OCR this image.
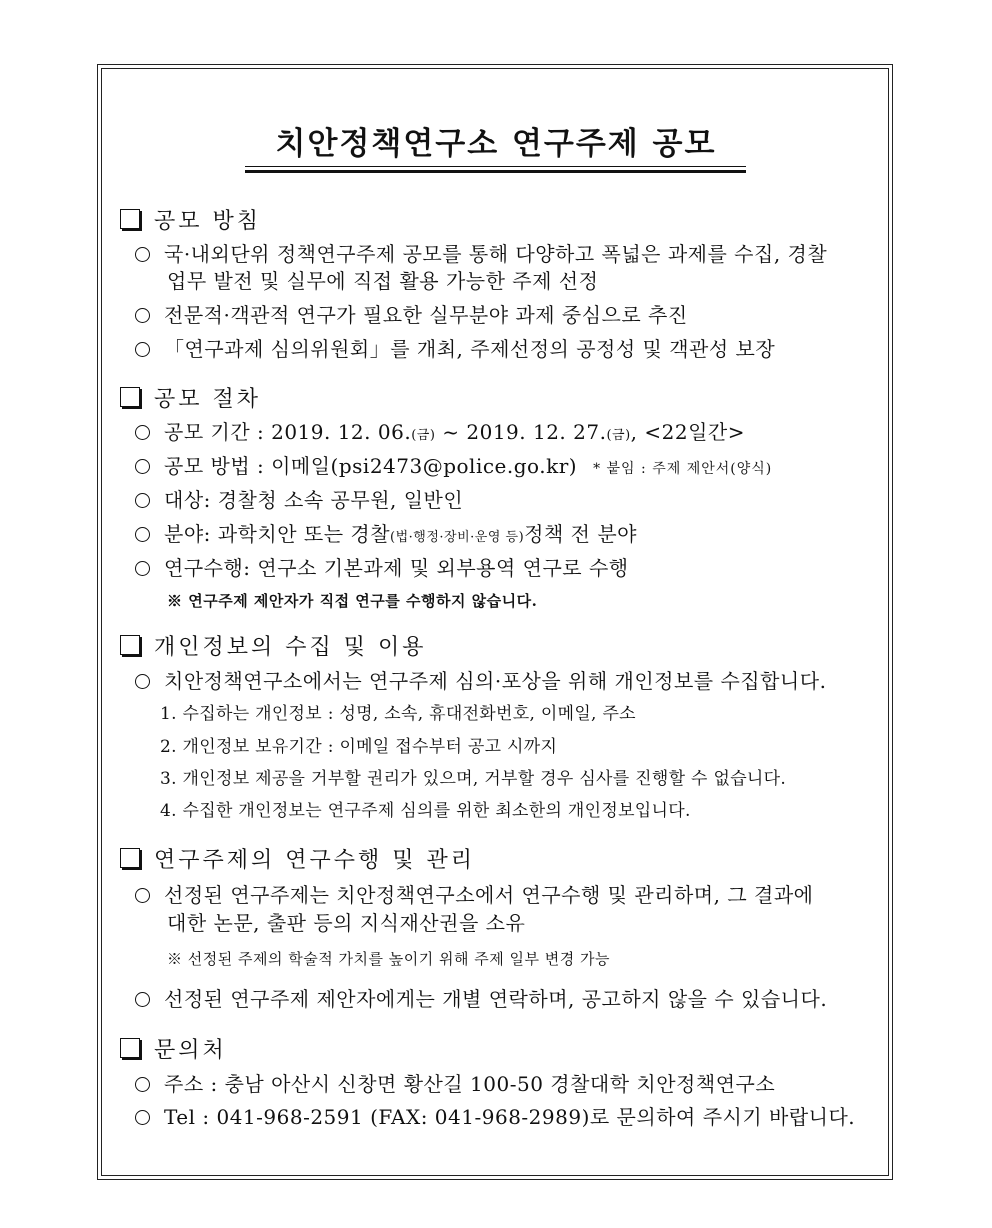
치안정책연구소 연구주제 공모
공모 방침
국·내외단위 정책연구주제 공모를 통해 다양하고 폭넓은 과제를 수집, 경찰
업무 발전 및 실무에 직접 활용 가능한 주제 선정
전문적·객관적 연구가 필요한 실무분야 과제 중심으로 추진
「연구과제 심의위원회」를 개최, 주제선정의 공정성 및 객관성 보장
공모 절차
공모 기간 : 2019. 12. 06.(금) ~ 2019. 12. 27.(금), <22일간>
공모 방법 : 이메일(psi2473@police.go.kr) * 붙임 : 주제 제안서(양식)
대상: 경찰청 소속 공무원, 일반인
분야: 과학치안 또는 경찰(법·행정·장비·운영 등)정책 전 분야
연구수행: 연구소 기본과제 및 외부용역 연구로 수행
※ 연구주제 제안자가 직접 연구를 수행하지 않습니다.
개인정보의 수집 및 이용
치안정책연구소에서는 연구주제 심의·포상을 위해 개인정보를 수집합니다.
1. 수집하는 개인정보 : 성명, 소속, 휴대전화번호, 이메일, 주소
2. 개인정보 보유기간 : 이메일 접수부터 공고 시까지
3. 개인정보 제공을 거부할 권리가 있으며, 거부할 경우 심사를 진행할 수 없습니다.
4. 수집한 개인정보는 연구주제 심의를 위한 최소한의 개인정보입니다.
연구주제의 연구수행 및 관리
선정된 연구주제는 치안정책연구소에서 연구수행 및 관리하며, 그 결과에
대한 논문, 출판 등의 지식재산권을 소유
※ 선정된 주제의 학술적 가치를 높이기 위해 주제 일부 변경 가능
선정된 연구주제 제안자에게는 개별 연락하며, 공고하지 않을 수 있습니다.
문의처
주소 : 충남 아산시 신창면 황산길 100-50 경찰대학 치안정책연구소
Tel : 041-968-2591 (FAX: 041-968-2989)로 문의하여 주시기 바랍니다.
